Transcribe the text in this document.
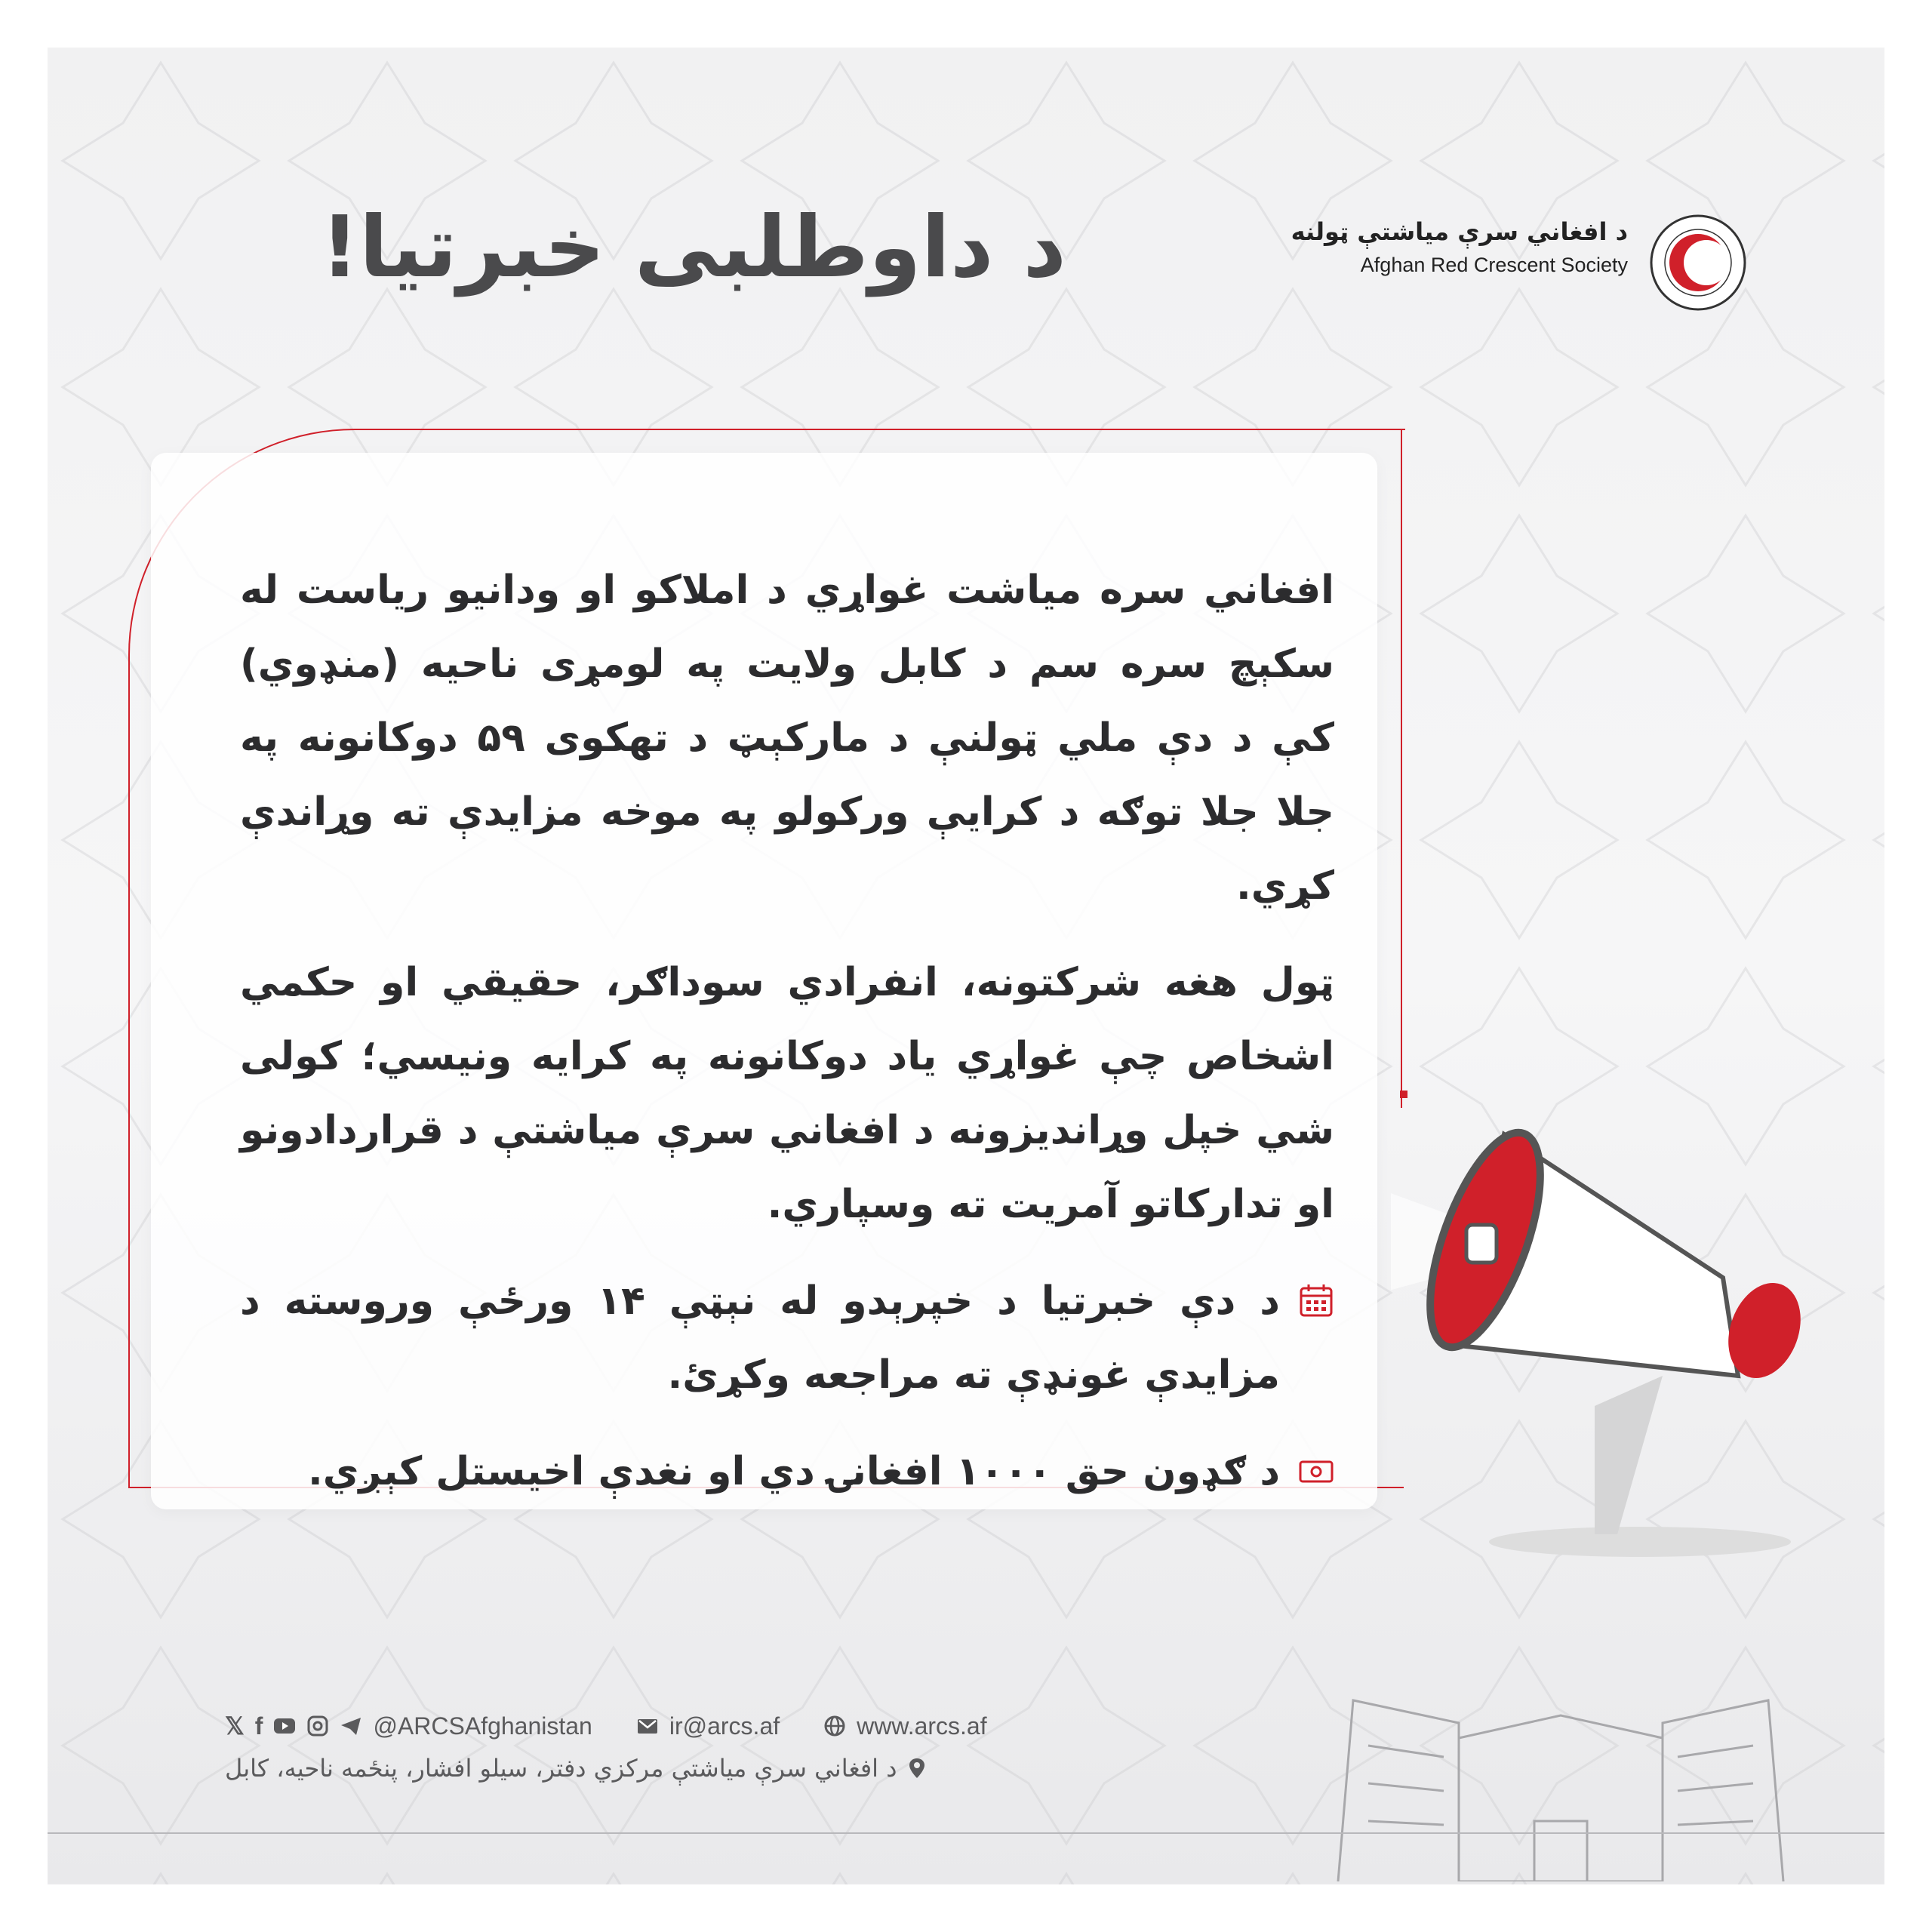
د داوطلبی خبرتیا!	د افغاني سرې میاشتې ټولنه
Afghan Red Crescent Society

افغاني سره میاشت غواړي د املاکو او ودانیو ریاست له سکېچ سره سم د کابل ولایت په لومړی ناحیه (منډوي) کې د دې ملي ټولنې د مارکېټ د تهکوی ۵۹ دوکانونه په جلا جلا توګه د کرایې ورکولو په موخه مزایدې ته وړاندې کړي.

ټول هغه شرکتونه، انفرادي سوداګر، حقیقي او حکمي اشخاص چې غواړي یاد دوکانونه په کرایه ونیسي؛ کولی شي خپل وړاندیزونه د افغاني سرې میاشتې د قراردادونو او تدارکاتو آمریت ته وسپاري.

د دې خبرتیا د خپرېدو له نېټې ۱۴ ورځې وروسته د مزایدې غونډې ته مراجعه وکړئ.
د ګډون حق ۱۰۰۰ افغانۍ دي او نغدې اخیستل کېږي.
𝕏 f	@ARCSAfghanistan	ir@arcs.af	www.arcs.af
د افغاني سرې میاشتې مرکزي دفتر، سیلو افشار، پنځمه ناحیه، کابل
